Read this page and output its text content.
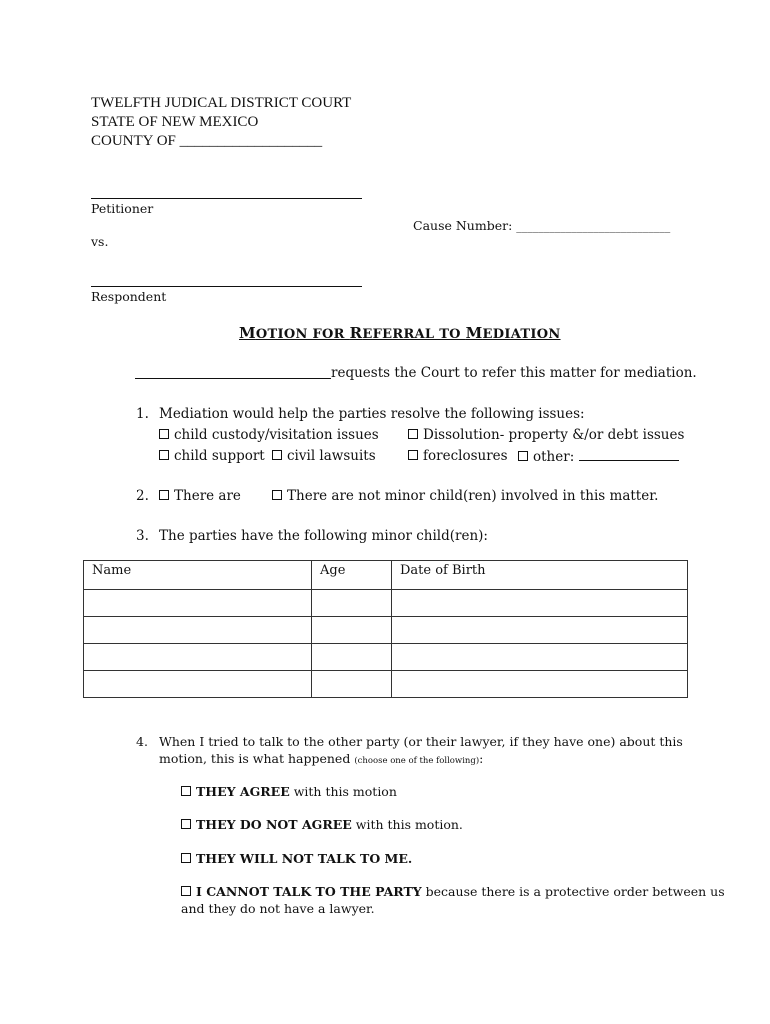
TWELFTH JUDICAL DISTRICT COURT
STATE OF NEW MEXICO
COUNTY OF ___________________
Petitioner
Cause Number: ____________________________
vs.
Respondent
MOTION FOR REFERRAL TO MEDIATION
requests the Court to refer this matter for mediation.
1. Mediation would help the parties resolve the following issues:
child custody/visitation issues	Dissolution- property &/or debt issues
child support	civil lawsuits	foreclosures	other:
2.	There are	There are not minor child(ren) involved in this matter.
3. The parties have the following minor child(ren):
Name	Age	Date of Birth

4. When I tried to talk to the other party (or their lawyer, if they have one) about this
motion, this is what happened (choose one of the following):
THEY AGREE with this motion
THEY DO NOT AGREE with this motion.
THEY WILL NOT TALK TO ME.
I CANNOT TALK TO THE PARTY because there is a protective order between us
and they do not have a lawyer.
